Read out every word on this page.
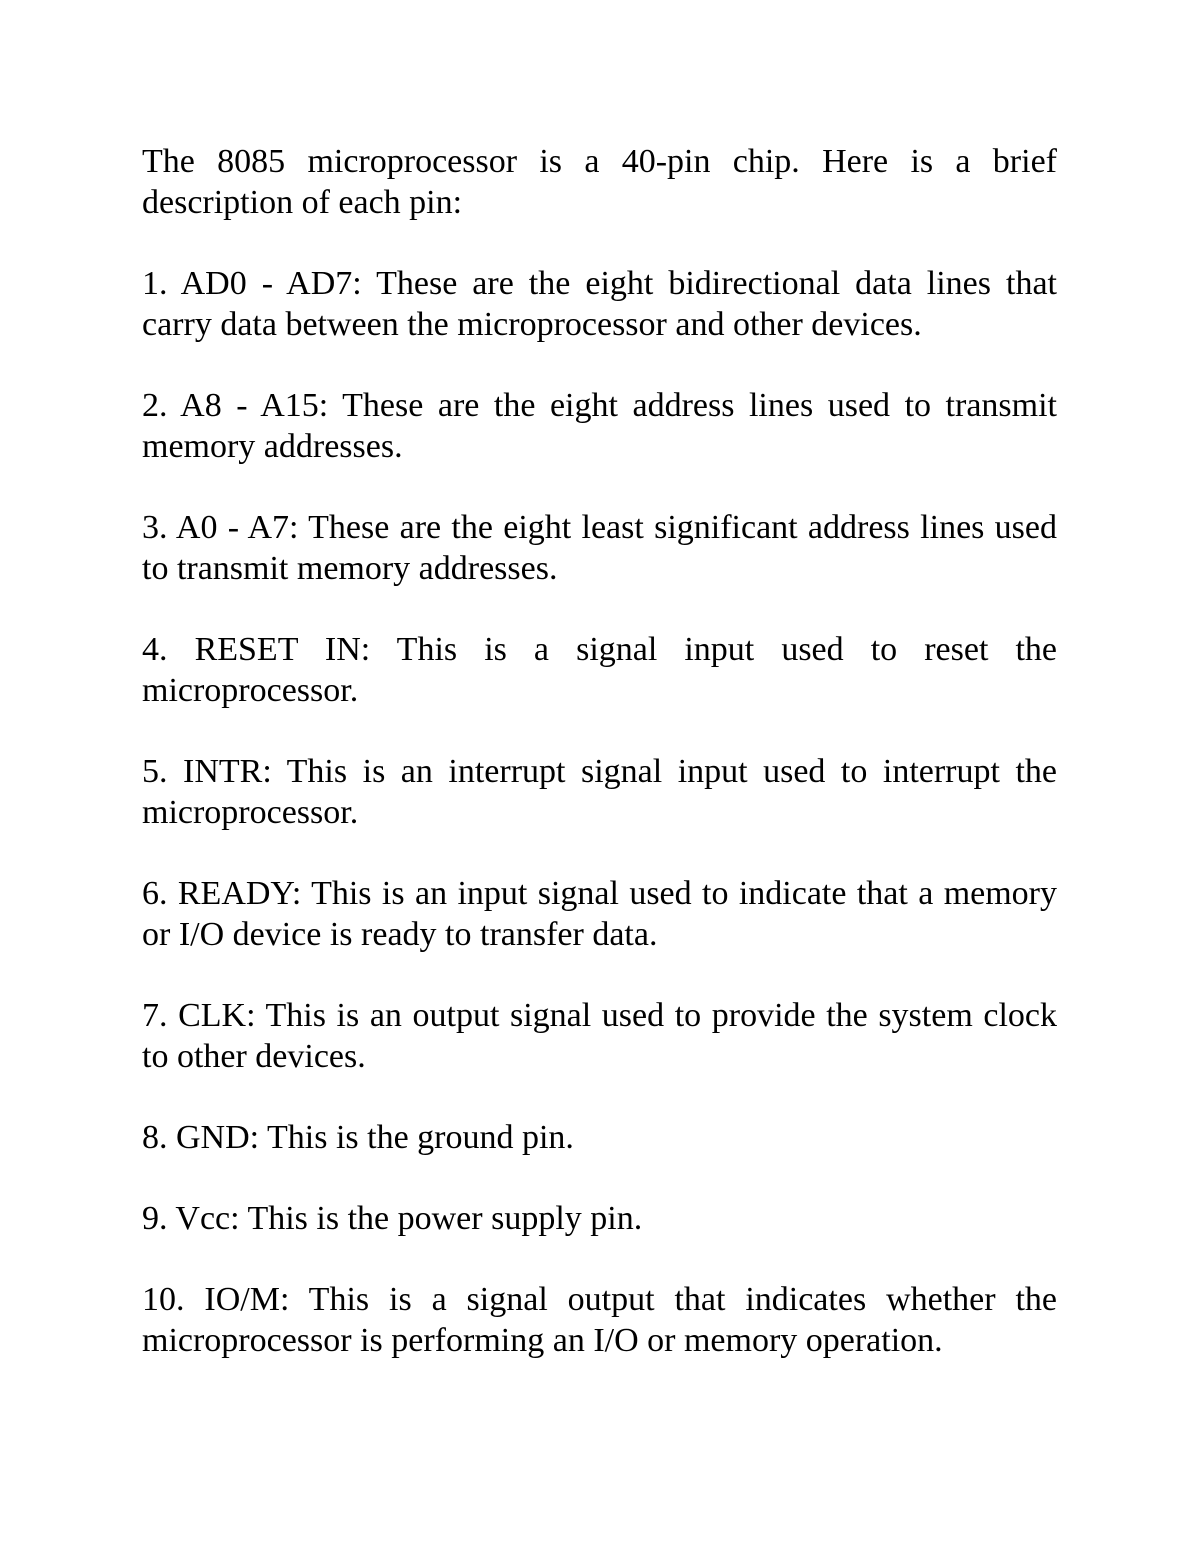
The 8085 microprocessor is a 40-pin chip. Here is a brief description of each pin:

1. AD0 - AD7: These are the eight bidirectional data lines that carry data between the microprocessor and other devices.

2. A8 - A15: These are the eight address lines used to transmit memory addresses.

3. A0 - A7: These are the eight least significant address lines used to transmit memory addresses.

4. RESET IN: This is a signal input used to reset the microprocessor.

5. INTR: This is an interrupt signal input used to interrupt the microprocessor.

6. READY: This is an input signal used to indicate that a memory or I/O device is ready to transfer data.

7. CLK: This is an output signal used to provide the system clock to other devices.

8. GND: This is the ground pin.

9. Vcc: This is the power supply pin.

10. IO/M: This is a signal output that indicates whether the microprocessor is performing an I/O or memory operation.
